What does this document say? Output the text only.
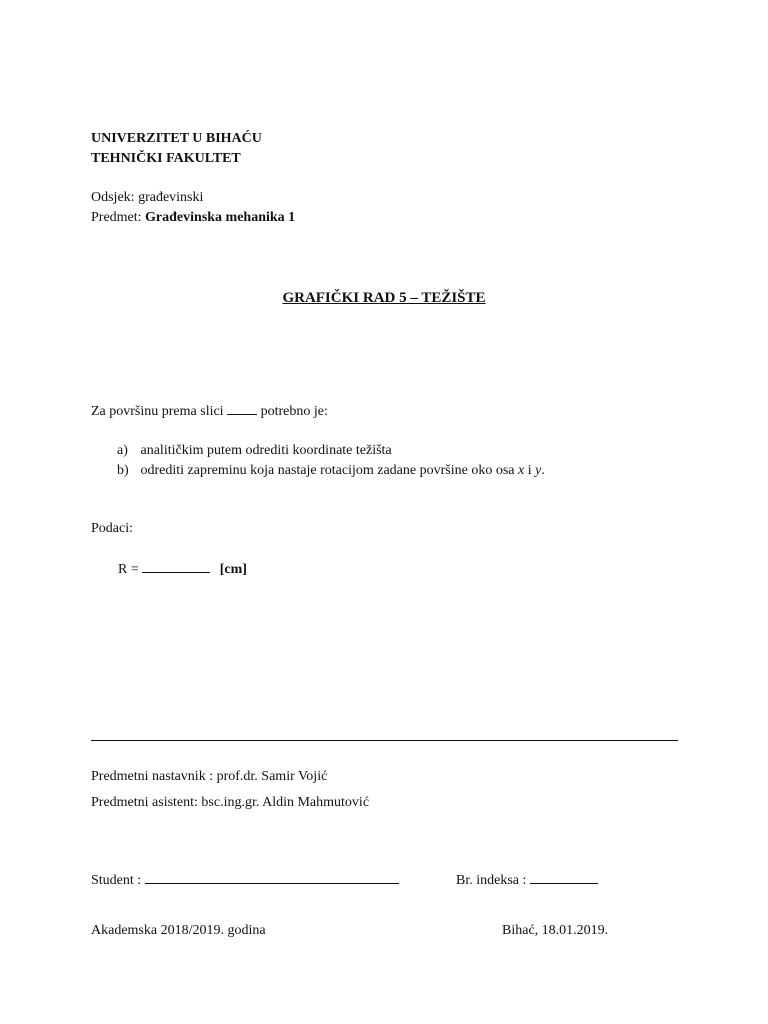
UNIVERZITET U BIHAĆU
TEHNIČKI FAKULTET
Odsjek: građevinski
Predmet: Građevinska mehanika 1
GRAFIČKI RAD 5 – TEŽIŠTE
Za površinu prema slici	potrebno je:
a) analitičkim putem odrediti koordinate težišta
b) odrediti zapreminu koja nastaje rotacijom zadane površine oko osa x i y.
Podaci:
R =	[cm]
Predmetni nastavnik : prof.dr. Samir Vojić
Predmetni asistent: bsc.ing.gr. Aldin Mahmutović
Student :	Br. indeksa :
Akademska 2018/2019. godina	Bihać, 18.01.2019.
